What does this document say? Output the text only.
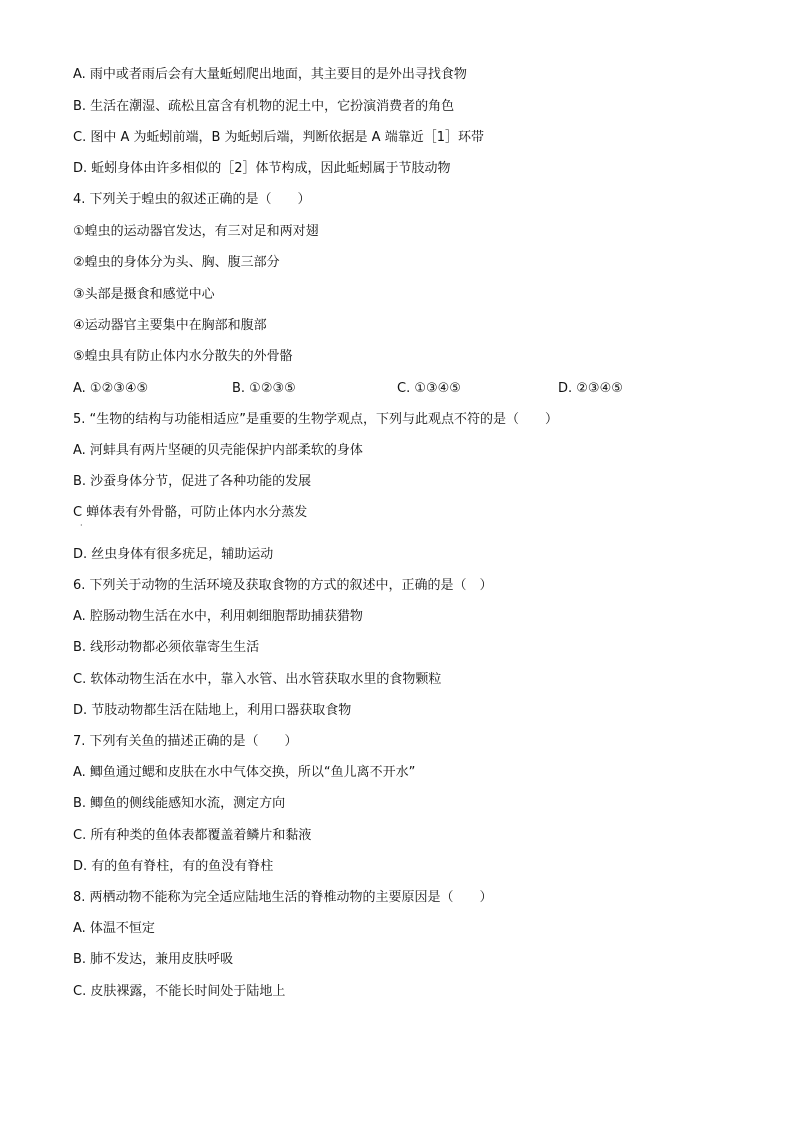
A. 雨中或者雨后会有大量蚯蚓爬出地面，其主要目的是外出寻找食物
B. 生活在潮湿、疏松且富含有机物的泥土中，它扮演消费者的角色
C. 图中 A 为蚯蚓前端，B 为蚯蚓后端，判断依据是 A 端靠近［1］环带
D. 蚯蚓身体由许多相似的［2］体节构成，因此蚯蚓属于节肢动物
4. 下列关于蝗虫的叙述正确的是（　　）
①蝗虫的运动器官发达，有三对足和两对翅
②蝗虫的身体分为头、胸、腹三部分
③头部是摄食和感觉中心
④运动器官主要集中在胸部和腹部
⑤蝗虫具有防止体内水分散失的外骨骼
A. ①②③④⑤	B. ①②③⑤	C. ①③④⑤	D. ②③④⑤
5. “生物的结构与功能相适应”是重要的生物学观点，下列与此观点不符的是（　　）
A. 河蚌具有两片坚硬的贝壳能保护内部柔软的身体
B. 沙蚕身体分节，促进了各种功能的发展
C 蝉体表有外骨骼，可防止体内水分蒸发
·
D. 丝虫身体有很多疣足，辅助运动
6. 下列关于动物的生活环境及获取食物的方式的叙述中，正确的是（　）
A. 腔肠动物生活在水中，利用刺细胞帮助捕获猎物
B. 线形动物都必须依靠寄生生活
C. 软体动物生活在水中，靠入水管、出水管获取水里的食物颗粒
D. 节肢动物都生活在陆地上，利用口器获取食物
7. 下列有关鱼的描述正确的是（　　）
A. 鲫鱼通过鳃和皮肤在水中气体交换，所以“鱼儿离不开水”
B. 鲫鱼的侧线能感知水流，测定方向
C. 所有种类的鱼体表都覆盖着鳞片和黏液
D. 有的鱼有脊柱，有的鱼没有脊柱
8. 两栖动物不能称为完全适应陆地生活的脊椎动物的主要原因是（　　）
A. 体温不恒定
B. 肺不发达，兼用皮肤呼吸
C. 皮肤裸露，不能长时间处于陆地上
